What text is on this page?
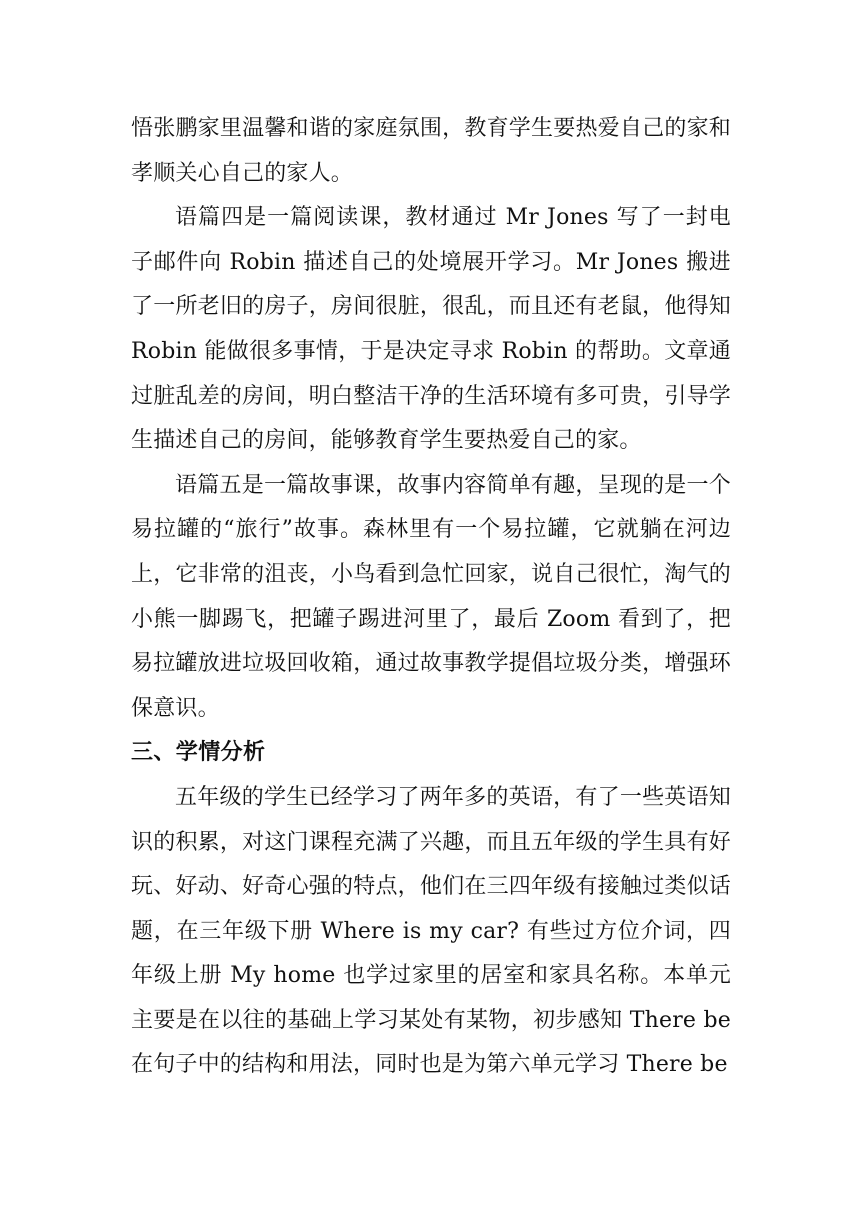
悟张鹏家里温馨和谐的家庭氛围，教育学生要热爱自己的家和孝顺关心自己的家人。

语篇四是一篇阅读课，教材通过 Mr Jones 写了一封电子邮件向 Robin 描述自己的处境展开学习。Mr Jones 搬进了一所老旧的房子，房间很脏，很乱，而且还有老鼠，他得知 Robin 能做很多事情，于是决定寻求 Robin 的帮助。文章通过脏乱差的房间，明白整洁干净的生活环境有多可贵，引导学生描述自己的房间，能够教育学生要热爱自己的家。

语篇五是一篇故事课，故事内容简单有趣，呈现的是一个易拉罐的“旅行”故事。森林里有一个易拉罐，它就躺在河边上，它非常的沮丧，小鸟看到急忙回家，说自己很忙，淘气的小熊一脚踢飞，把罐子踢进河里了，最后 Zoom 看到了，把易拉罐放进垃圾回收箱，通过故事教学提倡垃圾分类，增强环保意识。

三、学情分析

五年级的学生已经学习了两年多的英语，有了一些英语知识的积累，对这门课程充满了兴趣，而且五年级的学生具有好玩、好动、好奇心强的特点，他们在三四年级有接触过类似话题，在三年级下册 Where is my car? 有些过方位介词，四年级上册 My home 也学过家里的居室和家具名称。本单元主要是在以往的基础上学习某处有某物，初步感知 There be 在句子中的结构和用法，同时也是为第六单元学习 There be
